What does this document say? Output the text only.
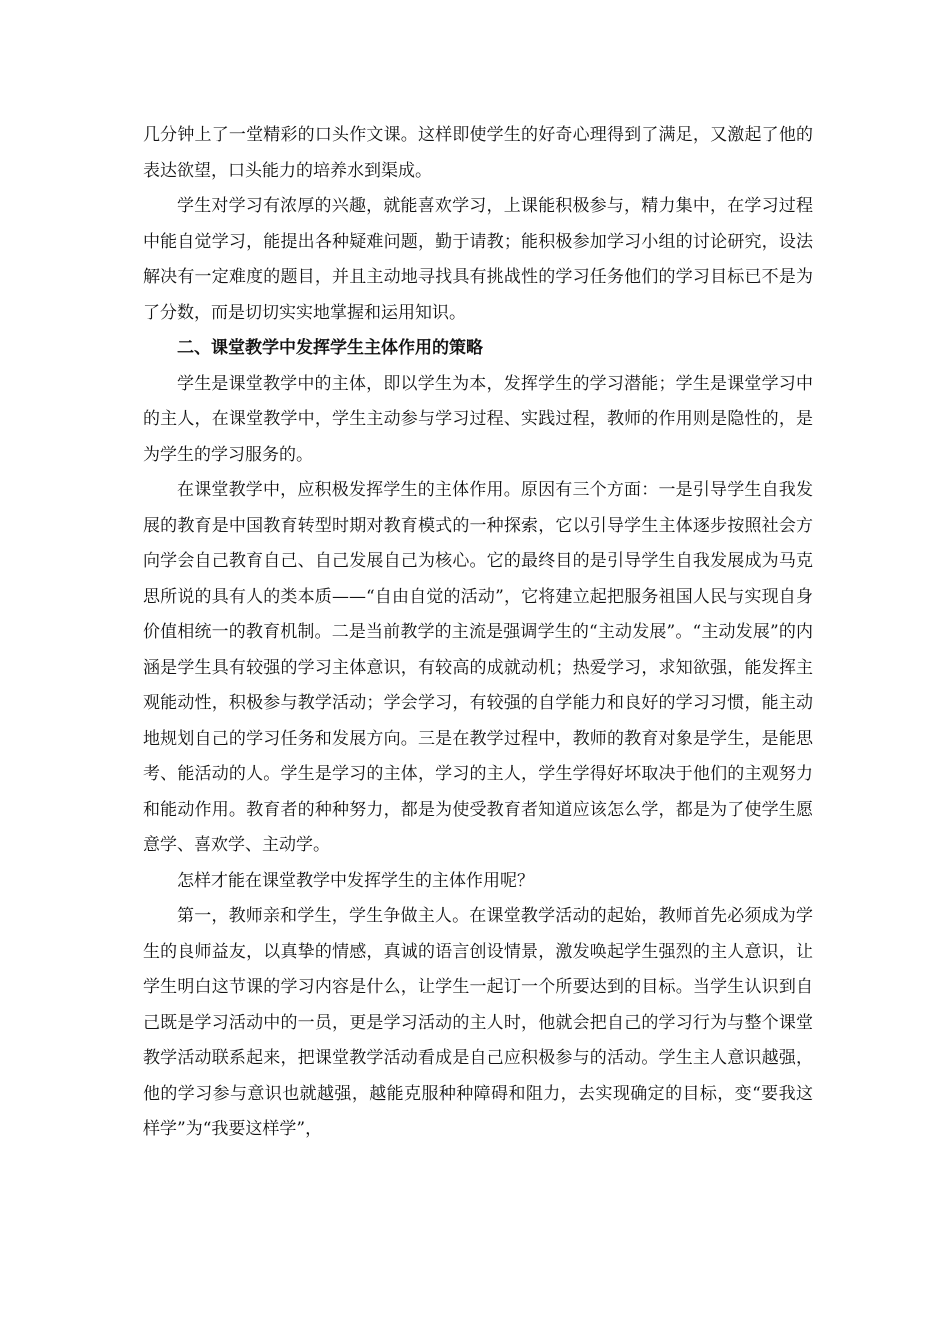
几分钟上了一堂精彩的口头作文课。这样即使学生的好奇心理得到了满足，又激起了他的表达欲望，口头能力的培养水到渠成。

学生对学习有浓厚的兴趣，就能喜欢学习，上课能积极参与，精力集中，在学习过程中能自觉学习，能提出各种疑难问题，勤于请教；能积极参加学习小组的讨论研究，设法解决有一定难度的题目，并且主动地寻找具有挑战性的学习任务他们的学习目标已不是为了分数，而是切切实实地掌握和运用知识。

二、课堂教学中发挥学生主体作用的策略

学生是课堂教学中的主体，即以学生为本，发挥学生的学习潜能；学生是课堂学习中的主人，在课堂教学中，学生主动参与学习过程、实践过程，教师的作用则是隐性的，是为学生的学习服务的。

在课堂教学中，应积极发挥学生的主体作用。原因有三个方面：一是引导学生自我发展的教育是中国教育转型时期对教育模式的一种探索，它以引导学生主体逐步按照社会方向学会自己教育自己、自己发展自己为核心。它的最终目的是引导学生自我发展成为马克思所说的具有人的类本质——“自由自觉的活动”，它将建立起把服务祖国人民与实现自身价值相统一的教育机制。二是当前教学的主流是强调学生的“主动发展”。“主动发展”的内涵是学生具有较强的学习主体意识，有较高的成就动机；热爱学习，求知欲强，能发挥主观能动性，积极参与教学活动；学会学习，有较强的自学能力和良好的学习习惯，能主动地规划自己的学习任务和发展方向。三是在教学过程中，教师的教育对象是学生，是能思考、能活动的人。学生是学习的主体，学习的主人，学生学得好坏取决于他们的主观努力和能动作用。教育者的种种努力，都是为使受教育者知道应该怎么学，都是为了使学生愿意学、喜欢学、主动学。

怎样才能在课堂教学中发挥学生的主体作用呢？

第一，教师亲和学生，学生争做主人。在课堂教学活动的起始，教师首先必须成为学生的良师益友，以真挚的情感，真诚的语言创设情景，激发唤起学生强烈的主人意识，让学生明白这节课的学习内容是什么，让学生一起订一个所要达到的目标。当学生认识到自己既是学习活动中的一员，更是学习活动的主人时，他就会把自己的学习行为与整个课堂教学活动联系起来，把课堂教学活动看成是自己应积极参与的活动。学生主人意识越强，他的学习参与意识也就越强，越能克服种种障碍和阻力，去实现确定的目标，变“要我这样学”为“我要这样学”，
